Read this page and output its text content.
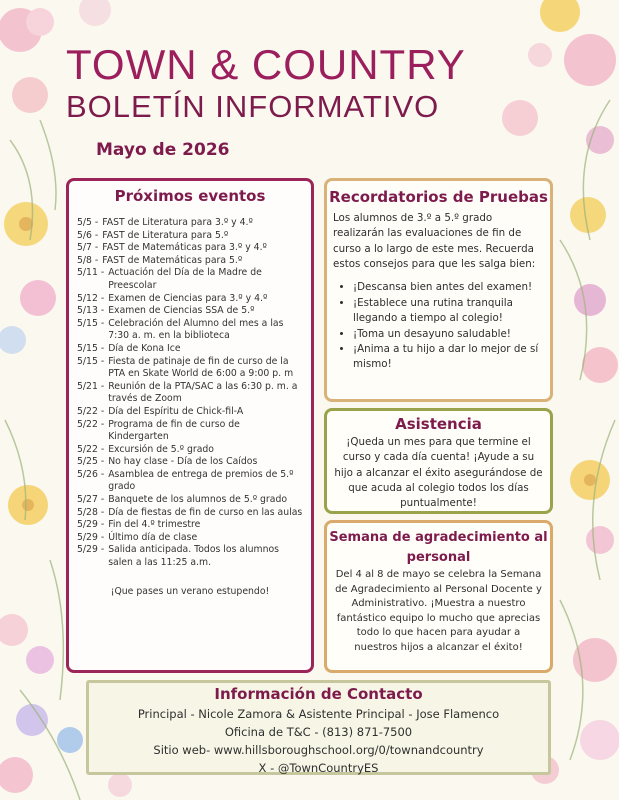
TOWN & COUNTRY
BOLETÍN INFORMATIVO
Mayo de 2026
Próximos eventos
5/5 - FAST de Literatura para 3.º y 4.º
5/6 - FAST de Literatura para 5.º
5/7 - FAST de Matemáticas para 3.º y 4.º
5/8 - FAST de Matemáticas para 5.º
5/11 - Actuación del Día de la Madre de Preescolar
5/12 - Examen de Ciencias para 3.º y 4.º
5/13 - Examen de Ciencias SSA de 5.º
5/15 - Celebración del Alumno del mes a las 7:30 a. m. en la biblioteca
5/15 - Día de Kona Ice
5/15 - Fiesta de patinaje de fin de curso de la PTA en Skate World de 6:00 a 9:00 p. m
5/21 - Reunión de la PTA/SAC a las 6:30 p. m. a través de Zoom
5/22 - Día del Espíritu de Chick-fil-A
5/22 - Programa de fin de curso de Kindergarten
5/22 - Excursión de 5.º grado
5/25 - No hay clase - Día de los Caídos
5/26 - Asamblea de entrega de premios de 5.º grado
5/27 - Banquete de los alumnos de 5.º grado
5/28 - Día de fiestas de fin de curso en las aulas
5/29 - Fin del 4.º trimestre
5/29 - Último día de clase
5/29 - Salida anticipada. Todos los alumnos salen a las 11:25 a.m.
¡Que pases un verano estupendo!
Recordatorios de Pruebas

Los alumnos de 3.º a 5.º grado realizarán las evaluaciones de fin de curso a lo largo de este mes. Recuerda estos consejos para que les salga bien:

• ¡Descansa bien antes del examen!
• ¡Establece una rutina tranquila llegando a tiempo al colegio!
• ¡Toma un desayuno saludable!
• ¡Anima a tu hijo a dar lo mejor de sí mismo!
Asistencia

¡Queda un mes para que termine el curso y cada día cuenta! ¡Ayude a su hijo a alcanzar el éxito asegurándose de que acuda al colegio todos los días puntualmente!

Semana de agradecimiento al personal

Del 4 al 8 de mayo se celebra la Semana de Agradecimiento al Personal Docente y Administrativo. ¡Muestra a nuestro fantástico equipo lo mucho que aprecias todo lo que hacen para ayudar a nuestros hijos a alcanzar el éxito!

Información de Contacto
Principal - Nicole Zamora & Asistente Principal - Jose Flamenco
Oficina de T&C - (813) 871-7500
Sitio web- www.hillsboroughschool.org/0/townandcountry
X - @TownCountryES
